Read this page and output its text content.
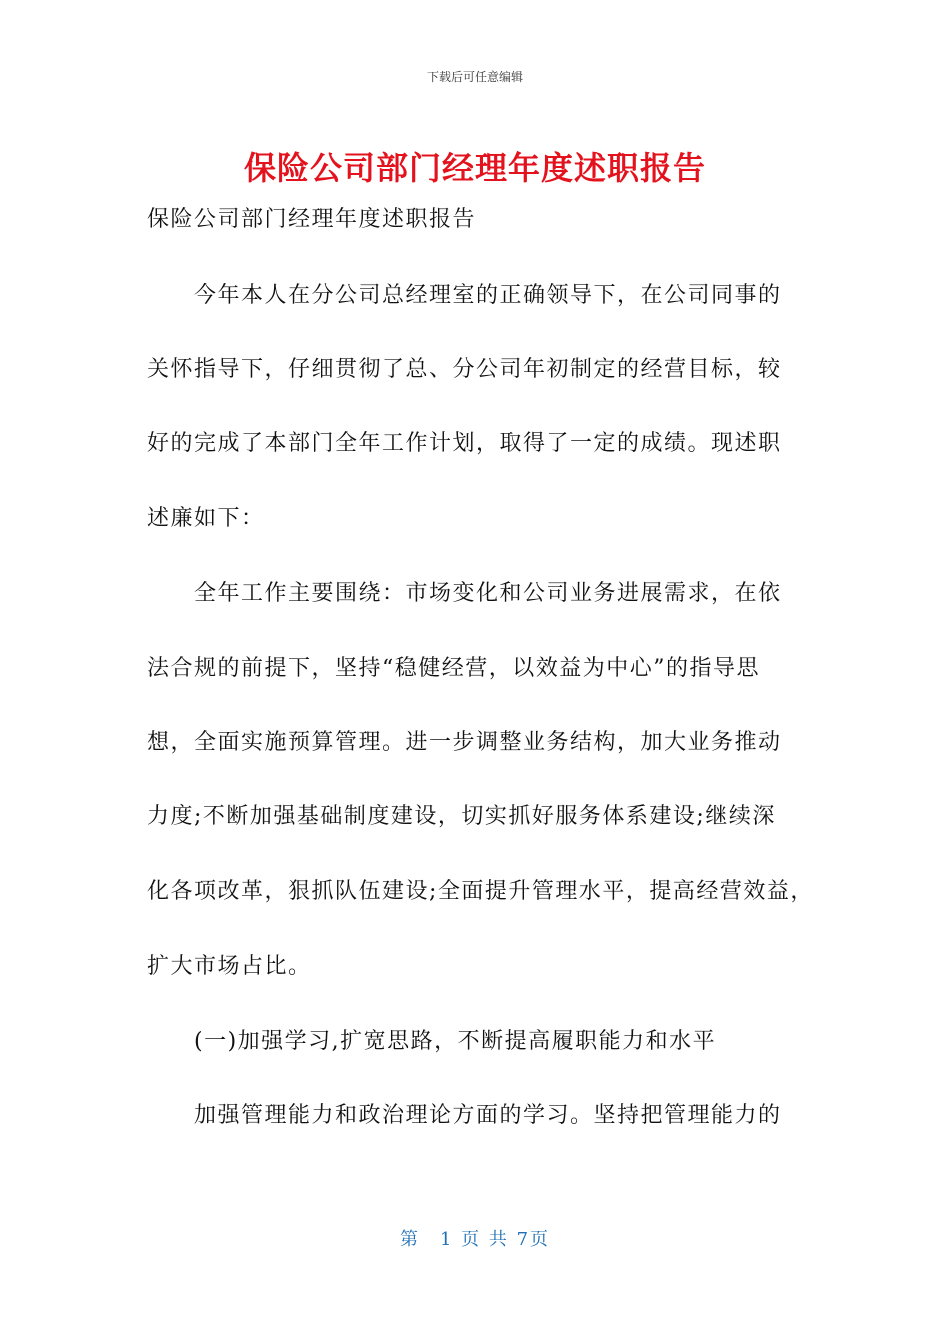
下载后可任意编辑
保险公司部门经理年度述职报告
保险公司部门经理年度述职报告
今年本人在分公司总经理室的正确领导下，在公司同事的
关怀指导下，仔细贯彻了总、分公司年初制定的经营目标，较
好的完成了本部门全年工作计划，取得了一定的成绩。现述职
述廉如下：
全年工作主要围绕：市场变化和公司业务进展需求，在依
法合规的前提下，坚持“稳健经营，以效益为中心”的指导思
想，全面实施预算管理。进一步调整业务结构，加大业务推动
力度;不断加强基础制度建设，切实抓好服务体系建设;继续深
化各项改革，狠抓队伍建设;全面提升管理水平，提高经营效益，
扩大市场占比。
(一)加强学习,扩宽思路，不断提高履职能力和水平
加强管理能力和政治理论方面的学习。坚持把管理能力的
第　1 页 共 7页
